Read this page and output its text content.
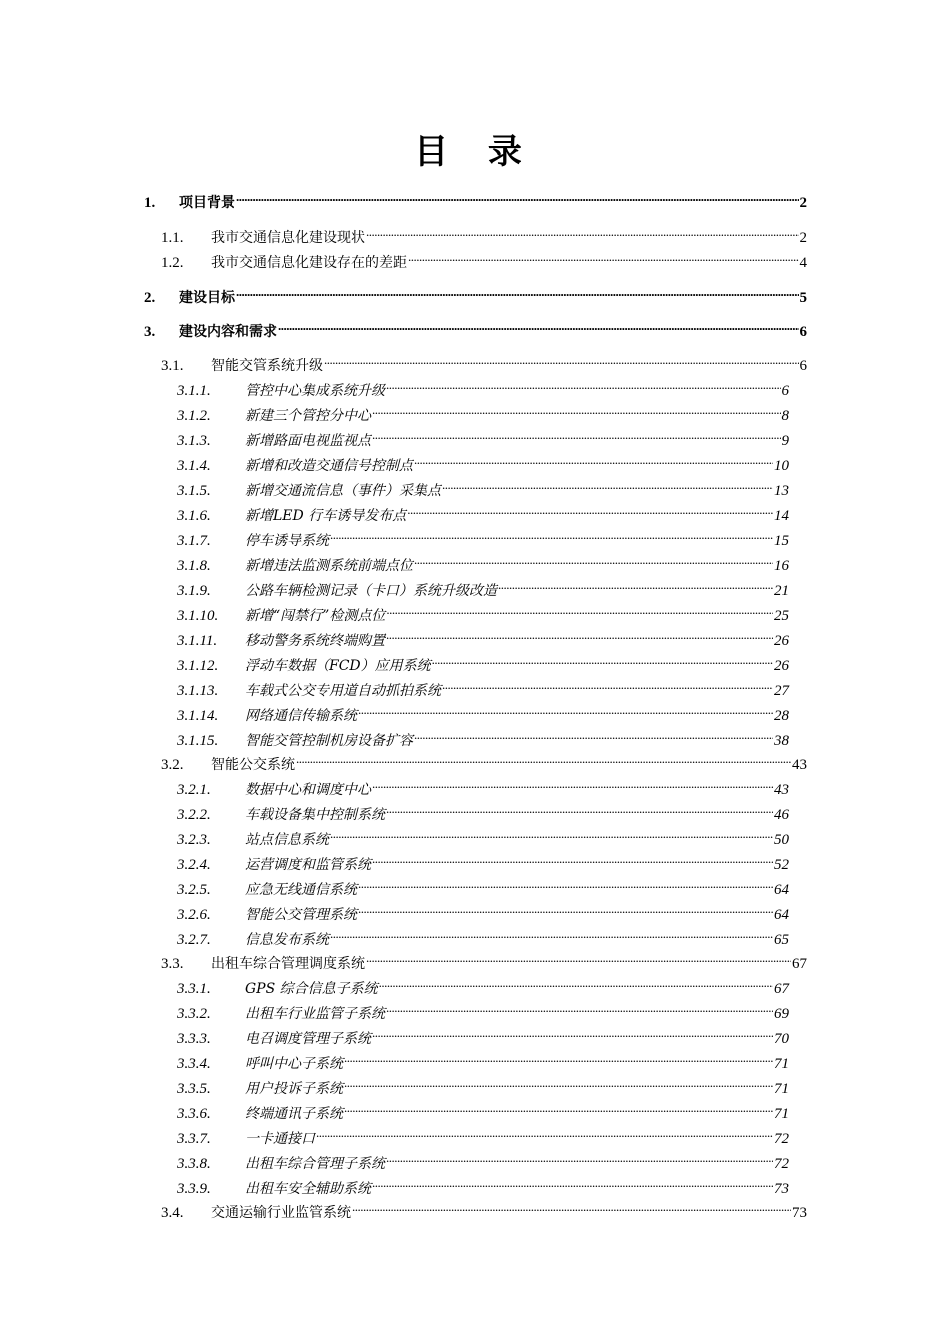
目 录
1.	项目背景 .....	2
1.1.	我市交通信息化建设现状 .....	2
1.2.	我市交通信息化建设存在的差距 .....	4
2.	建设目标 .....	5
3.	建设内容和需求 .....	6
3.1.	智能交管系统升级 .....	6
3.1.1.	管控中心集成系统升级 .....	6
3.1.2.	新建三个管控分中心 .....	8
3.1.3.	新增路面电视监视点 .....	9
3.1.4.	新增和改造交通信号控制点 .....	10
3.1.5.	新增交通流信息（事件）采集点 .....	13
3.1.6.	新增LED 行车诱导发布点 .....	14
3.1.7.	停车诱导系统 .....	15
3.1.8.	新增违法监测系统前端点位 .....	16
3.1.9.	公路车辆检测记录（卡口）系统升级改造 .....	21
3.1.10.	新增“闯禁行”检测点位 .....	25
3.1.11.	移动警务系统终端购置 .....	26
3.1.12.	浮动车数据（FCD）应用系统 .....	26
3.1.13.	车载式公交专用道自动抓拍系统 .....	27
3.1.14.	网络通信传输系统 .....	28
3.1.15.	智能交管控制机房设备扩容 .....	38
3.2.	智能公交系统 .....	43
3.2.1.	数据中心和调度中心 .....	43
3.2.2.	车载设备集中控制系统 .....	46
3.2.3.	站点信息系统 .....	50
3.2.4.	运营调度和监管系统 .....	52
3.2.5.	应急无线通信系统 .....	64
3.2.6.	智能公交管理系统 .....	64
3.2.7.	信息发布系统 .....	65
3.3.	出租车综合管理调度系统 .....	67
3.3.1.	GPS 综合信息子系统 .....	67
3.3.2.	出租车行业监管子系统 .....	69
3.3.3.	电召调度管理子系统 .....	70
3.3.4.	呼叫中心子系统 .....	71
3.3.5.	用户投诉子系统 .....	71
3.3.6.	终端通讯子系统 .....	71
3.3.7.	一卡通接口 .....	72
3.3.8.	出租车综合管理子系统 .....	72
3.3.9.	出租车安全辅助系统 .....	73
3.4.	交通运输行业监管系统 .....	73
